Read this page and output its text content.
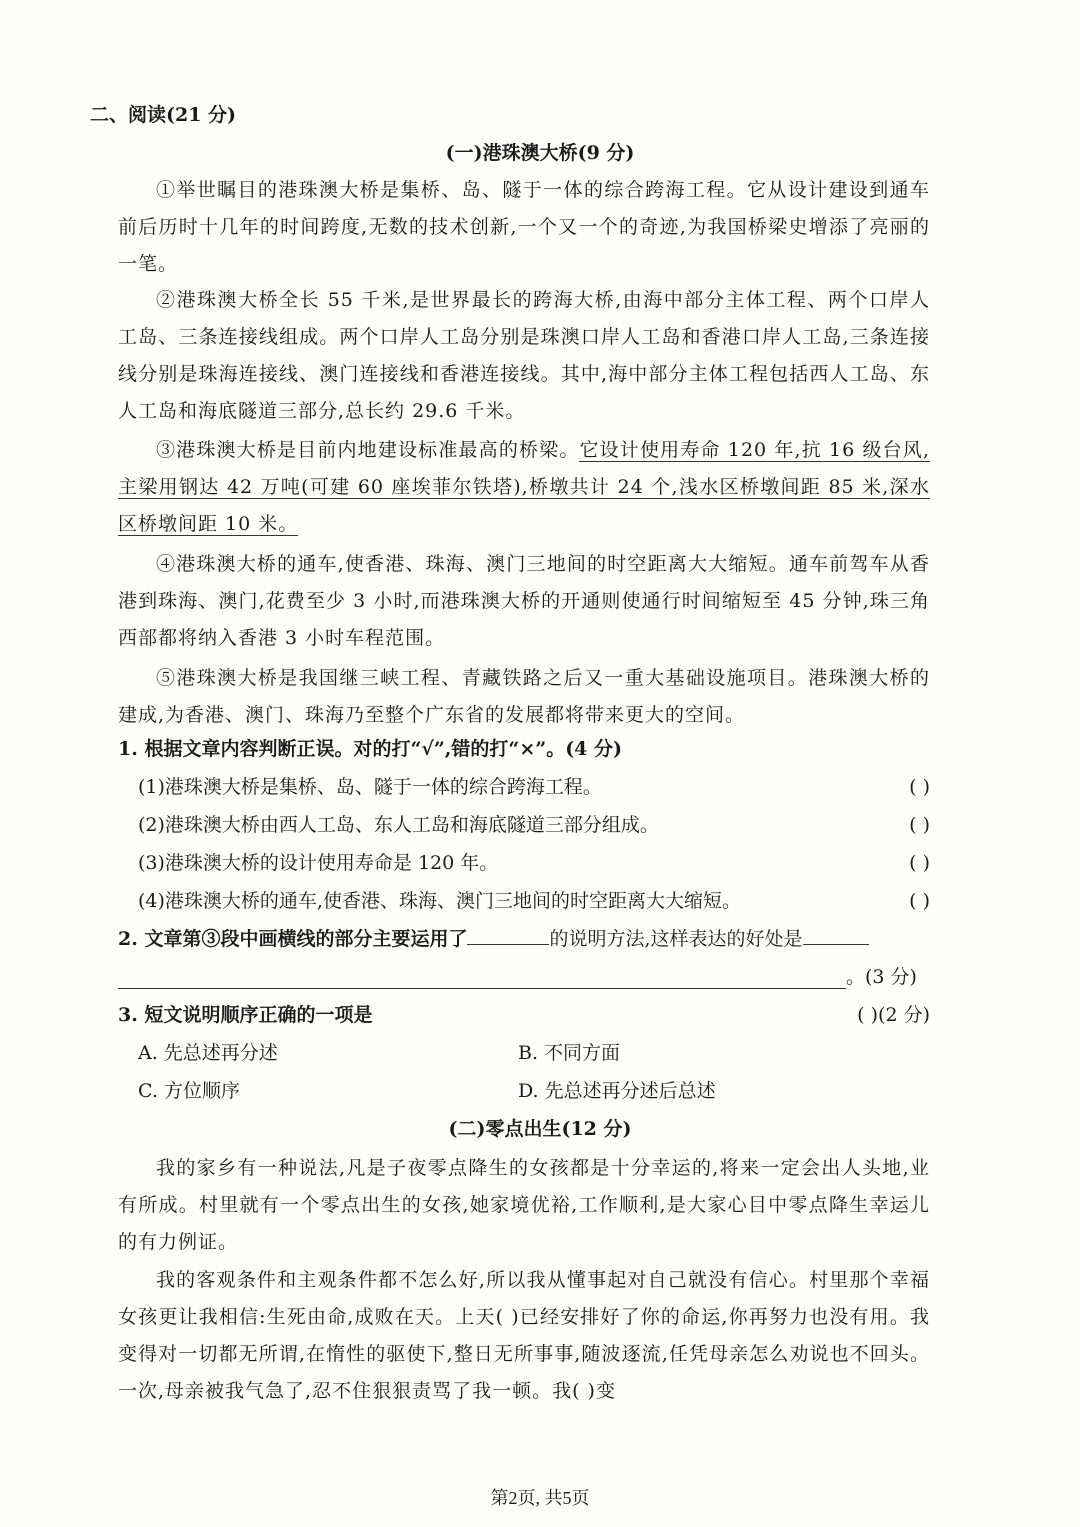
二、阅读(21 分)
(一)港珠澳大桥(9 分)
①举世瞩目的港珠澳大桥是集桥、岛、隧于一体的综合跨海工程。它从设计建设到通车前后历时十几年的时间跨度,无数的技术创新,一个又一个的奇迹,为我国桥梁史增添了亮丽的一笔。
②港珠澳大桥全长 55 千米,是世界最长的跨海大桥,由海中部分主体工程、两个口岸人工岛、三条连接线组成。两个口岸人工岛分别是珠澳口岸人工岛和香港口岸人工岛,三条连接线分别是珠海连接线、澳门连接线和香港连接线。其中,海中部分主体工程包括西人工岛、东人工岛和海底隧道三部分,总长约 29.6 千米。
③港珠澳大桥是目前内地建设标准最高的桥梁。它设计使用寿命 120 年,抗 16 级台风,主梁用钢达 42 万吨(可建 60 座埃菲尔铁塔),桥墩共计 24 个,浅水区桥墩间距 85 米,深水区桥墩间距 10 米。
④港珠澳大桥的通车,使香港、珠海、澳门三地间的时空距离大大缩短。通车前驾车从香港到珠海、澳门,花费至少 3 小时,而港珠澳大桥的开通则使通行时间缩短至 45 分钟,珠三角西部都将纳入香港 3 小时车程范围。
⑤港珠澳大桥是我国继三峡工程、青藏铁路之后又一重大基础设施项目。港珠澳大桥的建成,为香港、澳门、珠海乃至整个广东省的发展都将带来更大的空间。
1. 根据文章内容判断正误。对的打“√”,错的打“×”。(4 分)
(1)港珠澳大桥是集桥、岛、隧于一体的综合跨海工程。	( )
(2)港珠澳大桥由西人工岛、东人工岛和海底隧道三部分组成。	( )
(3)港珠澳大桥的设计使用寿命是 120 年。	( )
(4)港珠澳大桥的通车,使香港、珠海、澳门三地间的时空距离大大缩短。	( )
2. 文章第③段中画横线的部分主要运用了	的说明方法,这样表达的好处是
。(3 分)
3. 短文说明顺序正确的一项是	( )(2 分)
A. 先总述再分述	B. 不同方面
C. 方位顺序	D. 先总述再分述后总述
(二)零点出生(12 分)
我的家乡有一种说法,凡是子夜零点降生的女孩都是十分幸运的,将来一定会出人头地,业有所成。村里就有一个零点出生的女孩,她家境优裕,工作顺利,是大家心目中零点降生幸运儿的有力例证。
我的客观条件和主观条件都不怎么好,所以我从懂事起对自己就没有信心。村里那个幸福女孩更让我相信:生死由命,成败在天。上天( )已经安排好了你的命运,你再努力也没有用。我变得对一切都无所谓,在惰性的驱使下,整日无所事事,随波逐流,任凭母亲怎么劝说也不回头。一次,母亲被我气急了,忍不住狠狠责骂了我一顿。我( )变
第2页, 共5页
